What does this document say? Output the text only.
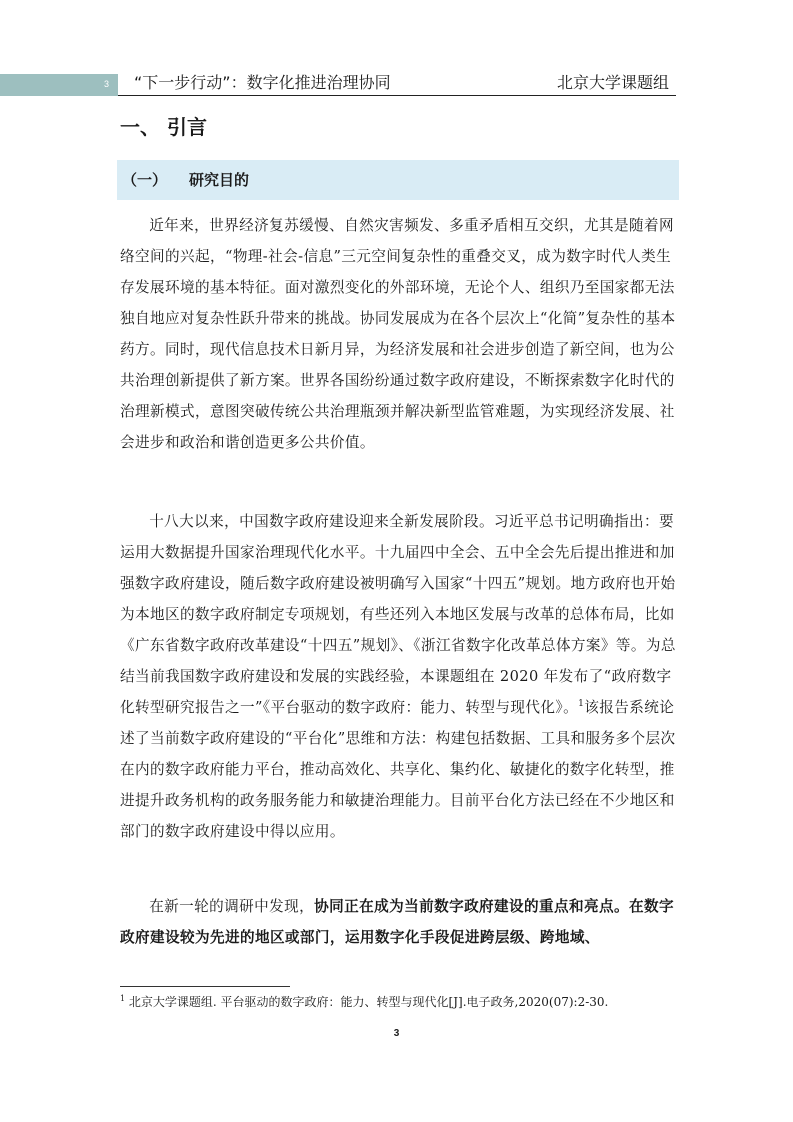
3 “下一步行动”：数字化推进治理协同	北京大学课题组
一、 引言
（一） 研究目的

近年来，世界经济复苏缓慢、自然灾害频发、多重矛盾相互交织，尤其是随着网络空间的兴起，“物理-社会-信息”三元空间复杂性的重叠交叉，成为数字时代人类生存发展环境的基本特征。面对激烈变化的外部环境，无论个人、组织乃至国家都无法独自地应对复杂性跃升带来的挑战。协同发展成为在各个层次上“化简”复杂性的基本药方。同时，现代信息技术日新月异，为经济发展和社会进步创造了新空间，也为公共治理创新提供了新方案。世界各国纷纷通过数字政府建设，不断探索数字化时代的治理新模式，意图突破传统公共治理瓶颈并解决新型监管难题，为实现经济发展、社会进步和政治和谐创造更多公共价值。

十八大以来，中国数字政府建设迎来全新发展阶段。习近平总书记明确指出：要运用大数据提升国家治理现代化水平。十九届四中全会、五中全会先后提出推进和加强数字政府建设，随后数字政府建设被明确写入国家“十四五”规划。地方政府也开始为本地区的数字政府制定专项规划，有些还列入本地区发展与改革的总体布局，比如《广东省数字政府改革建设“十四五”规划》、《浙江省数字化改革总体方案》等。为总结当前我国数字政府建设和发展的实践经验，本课题组在 2020 年发布了“政府数字化转型研究报告之一”《平台驱动的数字政府：能力、转型与现代化》。$^1$该报告系统论述了当前数字政府建设的“平台化”思维和方法：构建包括数据、工具和服务多个层次在内的数字政府能力平台，推动高效化、共享化、集约化、敏捷化的数字化转型，推进提升政务机构的政务服务能力和敏捷治理能力。目前平台化方法已经在不少地区和部门的数字政府建设中得以应用。

在新一轮的调研中发现，协同正在成为当前数字政府建设的重点和亮点。在数字政府建设较为先进的地区或部门，运用数字化手段促进跨层级、跨地域、

$^1$ 北京大学课题组. 平台驱动的数字政府：能力、转型与现代化[J].电子政务,2020(07):2-30.
3
